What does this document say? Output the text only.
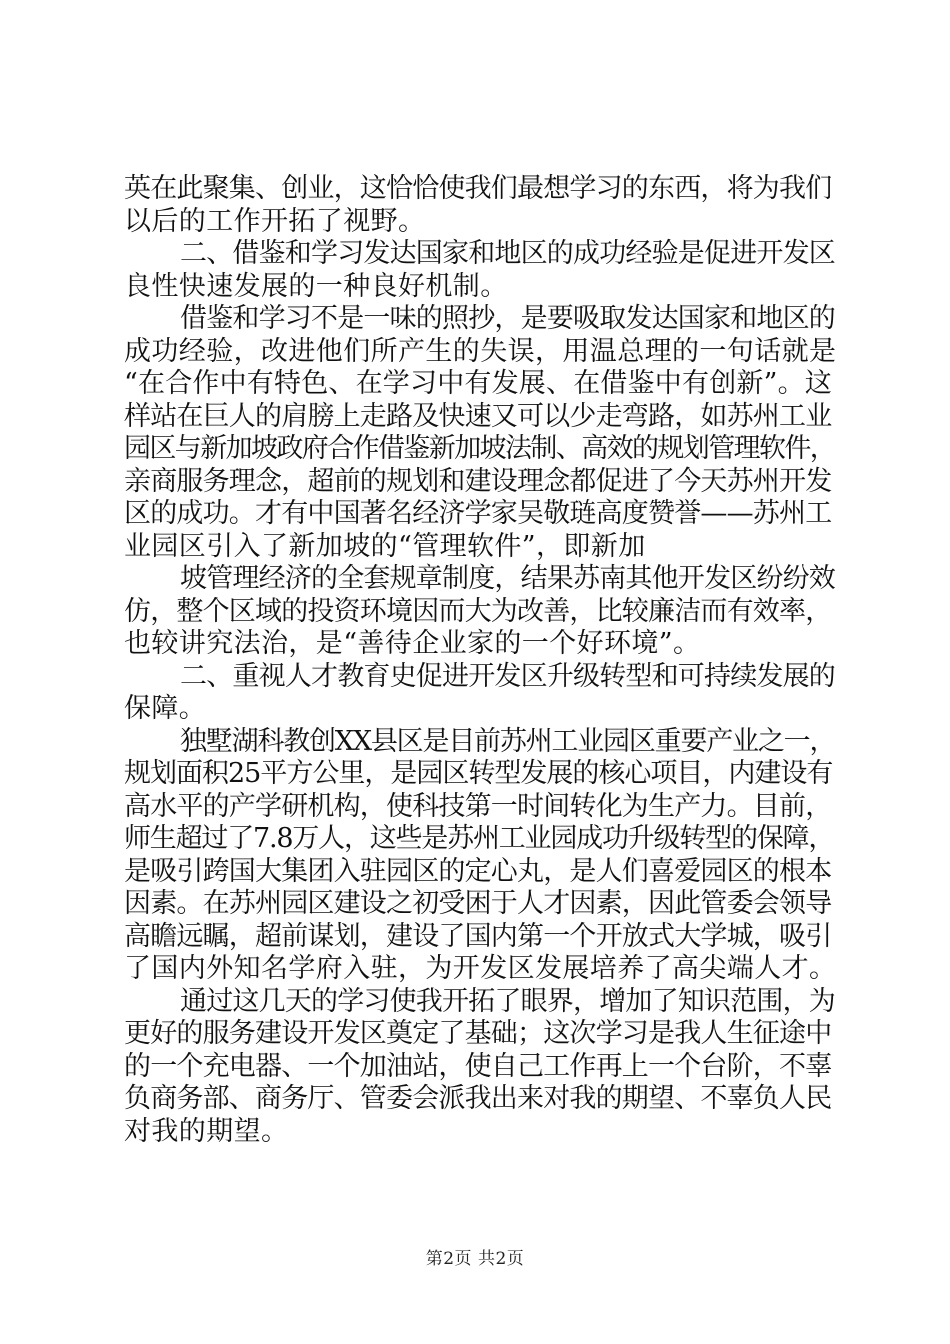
英在此聚集、创业，这恰恰使我们最想学习的东西，将为我们
以后的工作开拓了视野。
二、借鉴和学习发达国家和地区的成功经验是促进开发区
良性快速发展的一种良好机制。
借鉴和学习不是一味的照抄，是要吸取发达国家和地区的
成功经验，改进他们所产生的失误，用温总理的一句话就是
“在合作中有特色、在学习中有发展、在借鉴中有创新”。这
样站在巨人的肩膀上走路及快速又可以少走弯路，如苏州工业
园区与新加坡政府合作借鉴新加坡法制、高效的规划管理软件，
亲商服务理念，超前的规划和建设理念都促进了今天苏州开发
区的成功。才有中国著名经济学家吴敬琏高度赞誉——苏州工
业园区引入了新加坡的“管理软件”，即新加
坡管理经济的全套规章制度，结果苏南其他开发区纷纷效
仿，整个区域的投资环境因而大为改善，比较廉洁而有效率，
也较讲究法治，是“善待企业家的一个好环境”。
二、重视人才教育史促进开发区升级转型和可持续发展的
保障。
独墅湖科教创XX县区是目前苏州工业园区重要产业之一，
规划面积25平方公里，是园区转型发展的核心项目，内建设有
高水平的产学研机构，使科技第一时间转化为生产力。目前，
师生超过了7.8万人，这些是苏州工业园成功升级转型的保障，
是吸引跨国大集团入驻园区的定心丸，是人们喜爱园区的根本
因素。在苏州园区建设之初受困于人才因素，因此管委会领导
高瞻远瞩，超前谋划，建设了国内第一个开放式大学城，吸引
了国内外知名学府入驻，为开发区发展培养了高尖端人才。
通过这几天的学习使我开拓了眼界，增加了知识范围，为
更好的服务建设开发区奠定了基础；这次学习是我人生征途中
的一个充电器、一个加油站，使自己工作再上一个台阶，不辜
负商务部、商务厅、管委会派我出来对我的期望、不辜负人民
对我的期望。
第2页 共2页
